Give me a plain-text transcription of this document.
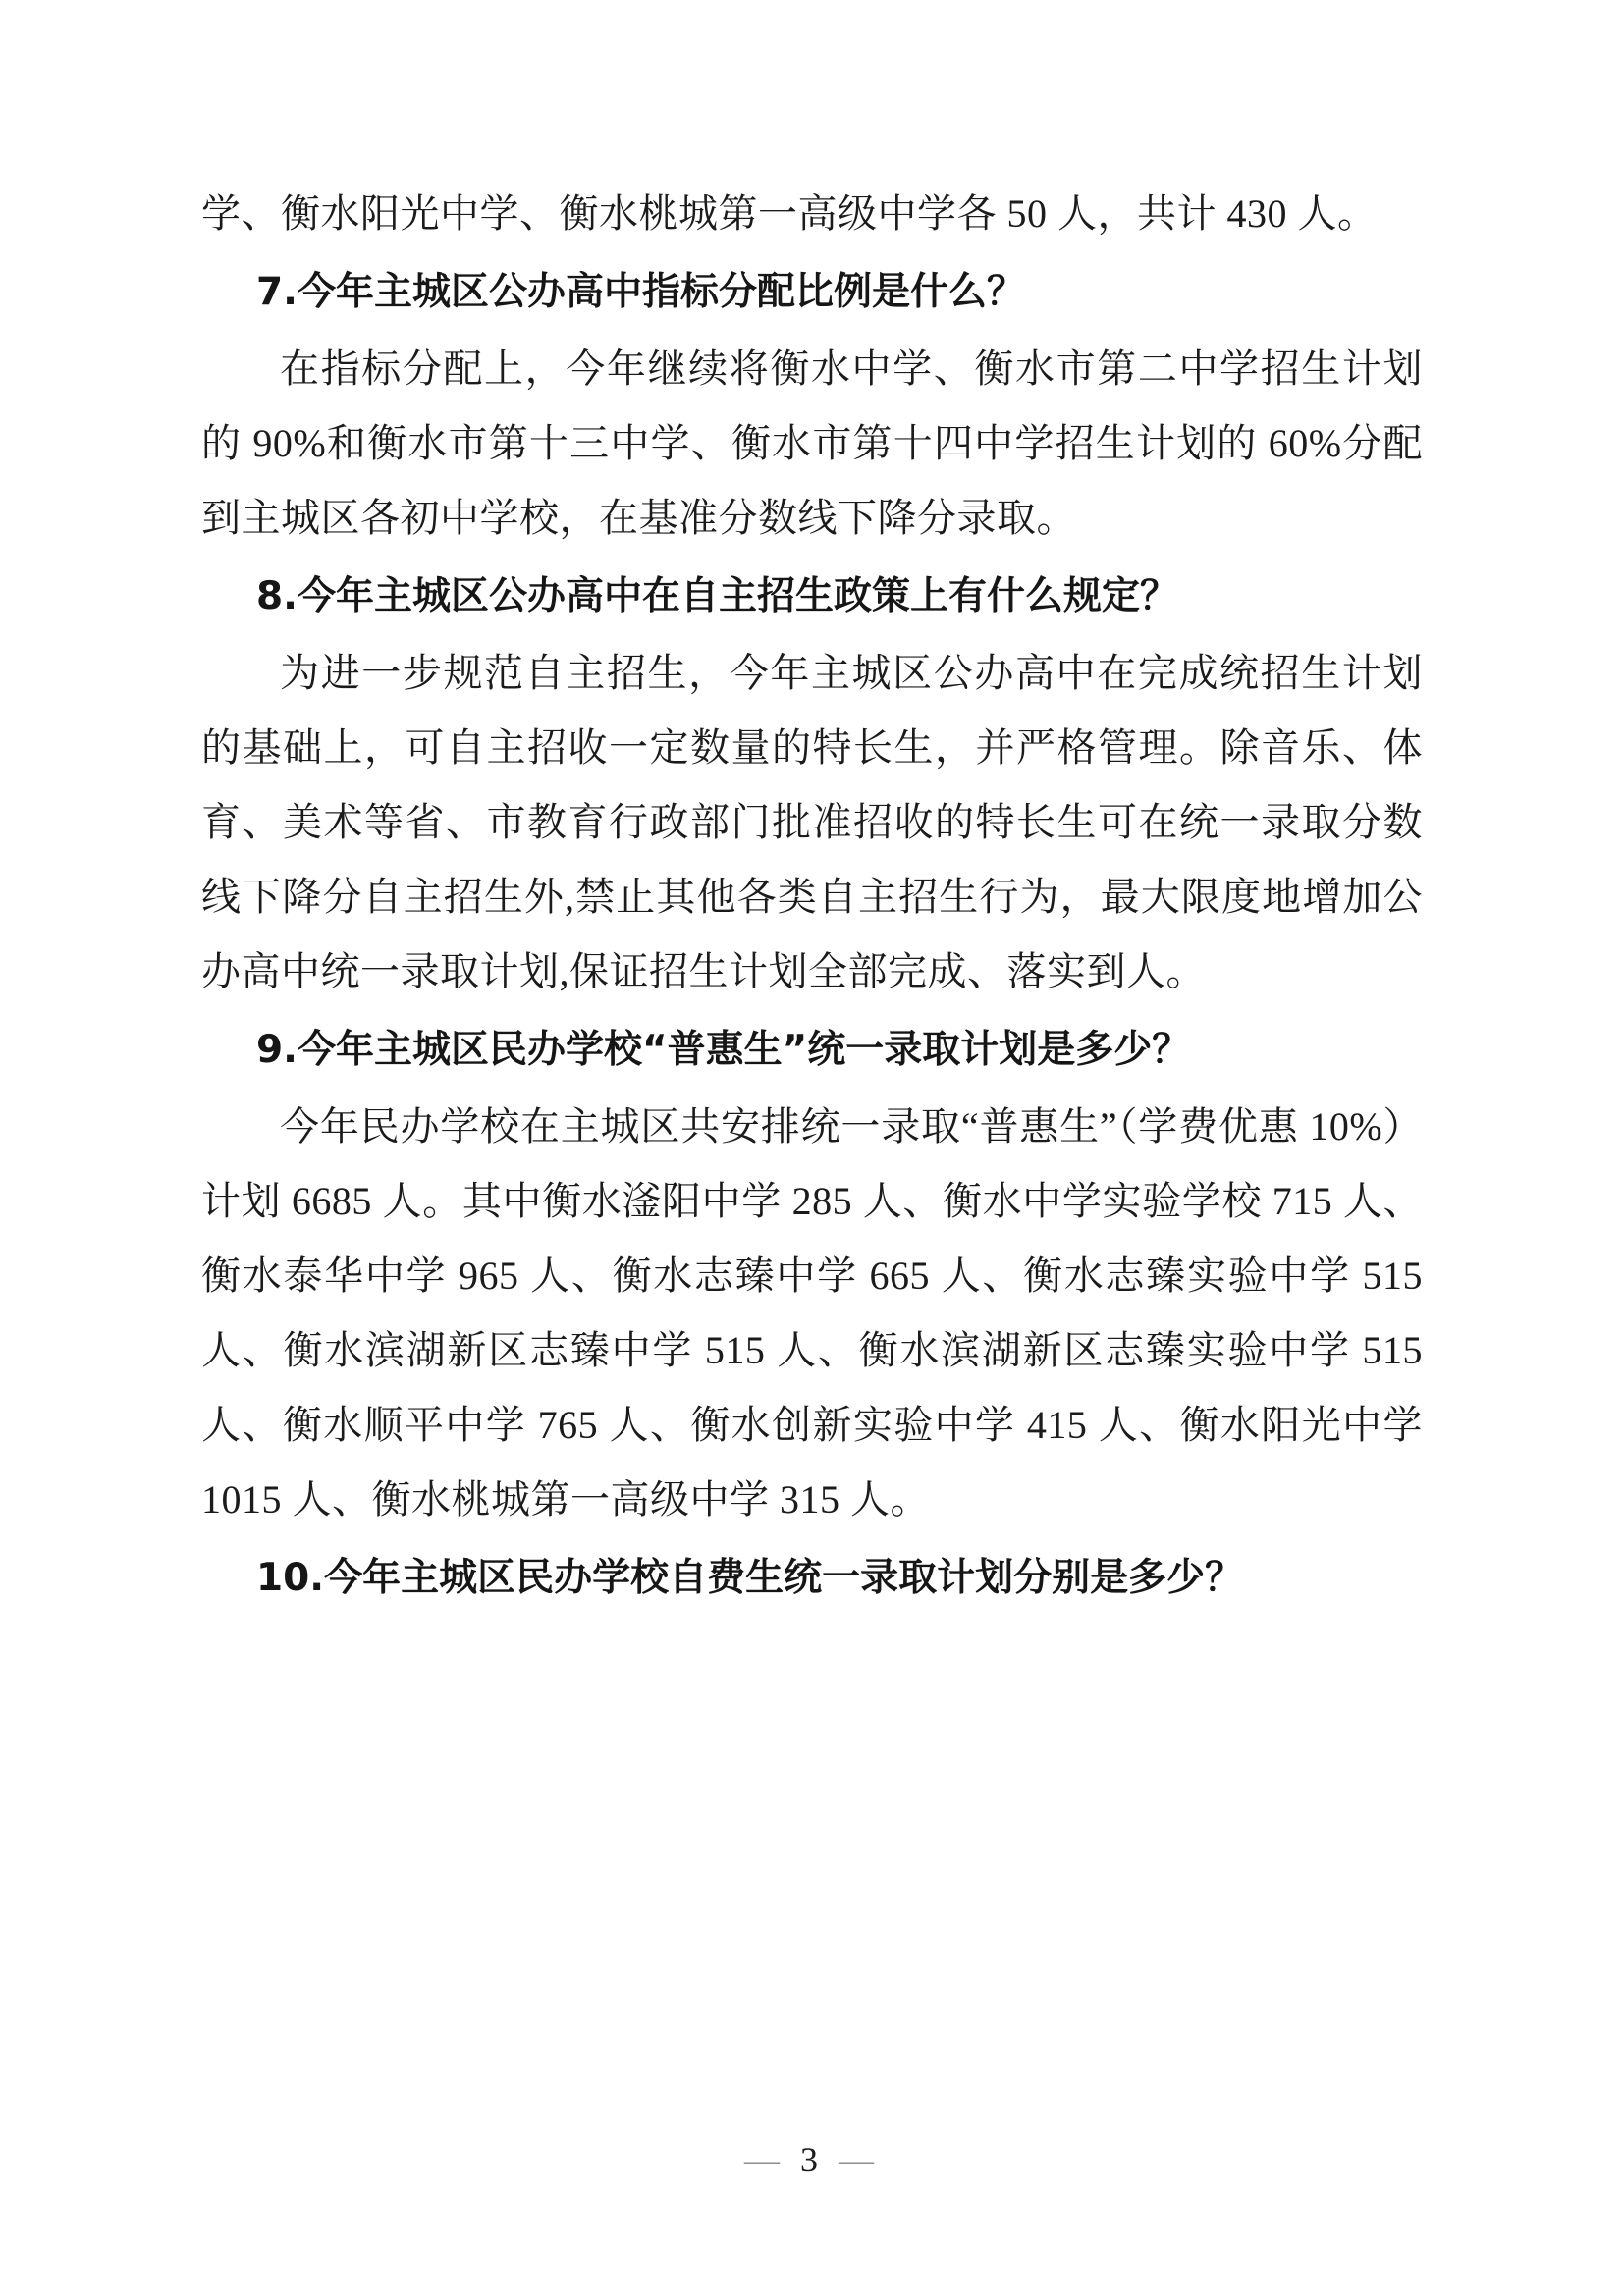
学、衡水阳光中学、衡水桃城第一高级中学各 50 人，共计 430 人。

7.今年主城区公办高中指标分配比例是什么？

在指标分配上，今年继续将衡水中学、衡水市第二中学招生计划的 90%和衡水市第十三中学、衡水市第十四中学招生计划的 60%分配到主城区各初中学校，在基准分数线下降分录取。

8.今年主城区公办高中在自主招生政策上有什么规定？

为进一步规范自主招生，今年主城区公办高中在完成统招生计划的基础上，可自主招收一定数量的特长生，并严格管理。除音乐、体育、美术等省、市教育行政部门批准招收的特长生可在统一录取分数线下降分自主招生外,禁止其他各类自主招生行为，最大限度地增加公办高中统一录取计划,保证招生计划全部完成、落实到人。

9.今年主城区民办学校“普惠生”统一录取计划是多少？

今年民办学校在主城区共安排统一录取“普惠生”（学费优惠 10%）计划 6685 人。其中衡水滏阳中学 285 人、衡水中学实验学校 715 人、衡水泰华中学 965 人、衡水志臻中学 665 人、衡水志臻实验中学 515 人、衡水滨湖新区志臻中学 515 人、衡水滨湖新区志臻实验中学 515 人、衡水顺平中学 765 人、衡水创新实验中学 415 人、衡水阳光中学 1015 人、衡水桃城第一高级中学 315 人。

10.今年主城区民办学校自费生统一录取计划分别是多少？

— 3 —
